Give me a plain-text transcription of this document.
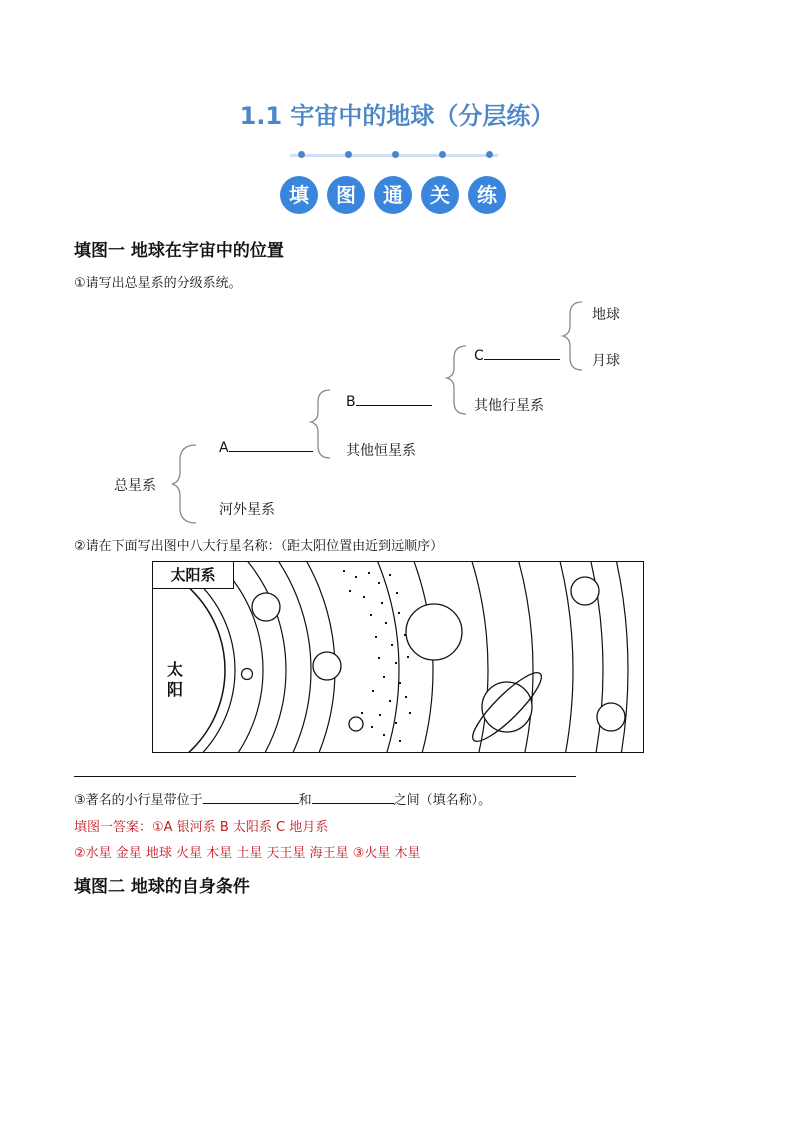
1.1 宇宙中的地球（分层练）
填	图	通	关	练
填图一 地球在宇宙中的位置
①请写出总星系的分级系统。
总星系
A
河外星系
B
其他恒星系
C
其他行星系
地球
月球
②请在下面写出图中八大行星名称：（距太阳位置由近到远顺序）
太阳系
太
阳
③著名的小行星带位于	和	之间（填名称）。
填图一答案：①A 银河系 B 太阳系 C 地月系
②水星 金星 地球 火星 木星 土星 天王星 海王星 ③火星 木星
填图二 地球的自身条件
